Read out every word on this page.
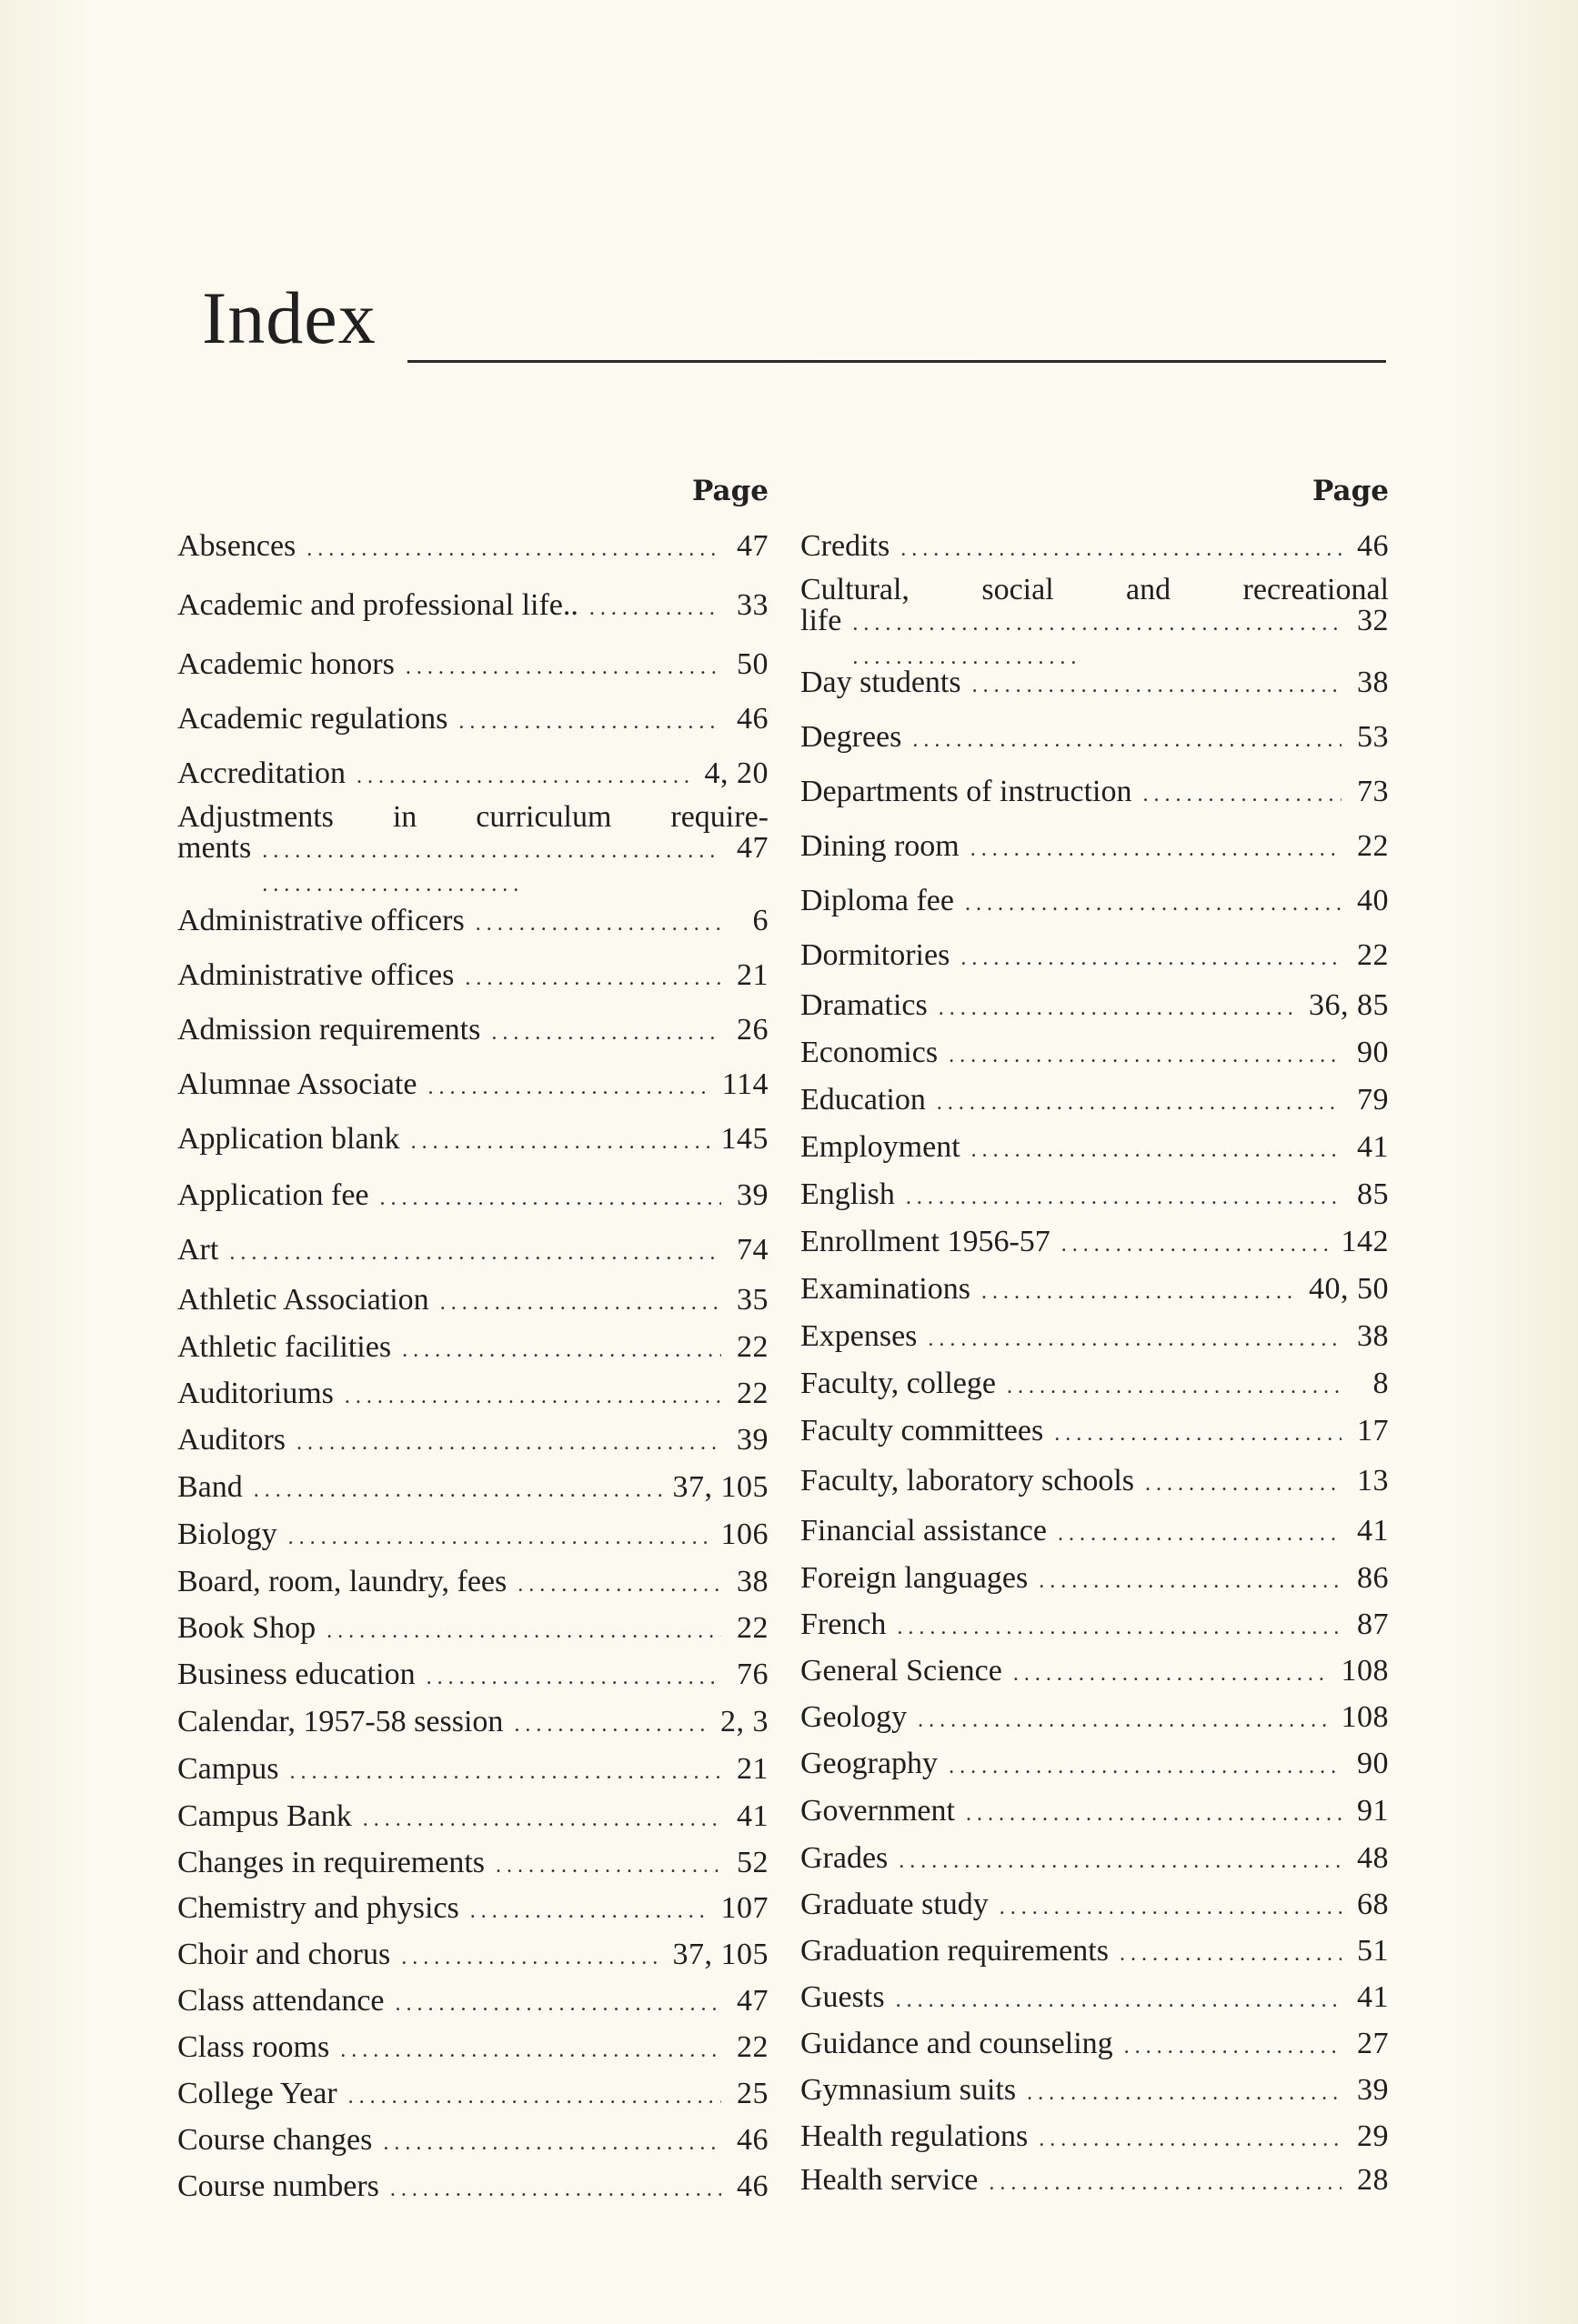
Index
Page
Absences . . .	47
Academic and professional life.. . . .	33
Academic honors . . .	50
Academic regulations . . .	46
Accreditation . . .	4, 20
Adjustments in curriculum require-
ments . . .	47
Administrative officers . . .	6
Administrative offices . . .	21
Admission requirements . . .	26
Alumnae Associate . . .	114
Application blank . . .	145
Application fee . . .	39
Art . . .	74
Athletic Association . . .	35
Athletic facilities . . .	22
Auditoriums . . .	22
Auditors . . .	39
Band . . .	37, 105
Biology . . .	106
Board, room, laundry, fees . . .	38
Book Shop . . .	22
Business education . . .	76
Calendar, 1957-58 session . . .	2, 3
Campus . . .	21
Campus Bank . . .	41
Changes in requirements . . .	52
Chemistry and physics . . .	107
Choir and chorus . . .	37, 105
Class attendance . . .	47
Class rooms . . .	22
College Year . . .	25
Course changes . . .	46
Course numbers . . .	46
Page
Credits . . .	46
Cultural, social and recreational
life . . .	32
Day students . . .	38
Degrees . . .	53
Departments of instruction . . .	73
Dining room . . .	22
Diploma fee . . .	40
Dormitories . . .	22
Dramatics . . .	36, 85
Economics . . .	90
Education . . .	79
Employment . . .	41
English . . .	85
Enrollment 1956-57 . . .	142
Examinations . . .	40, 50
Expenses . . .	38
Faculty, college . . .	8
Faculty committees . . .	17
Faculty, laboratory schools . . .	13
Financial assistance . . .	41
Foreign languages . . .	86
French . . .	87
General Science . . .	108
Geology . . .	108
Geography . . .	90
Government . . .	91
Grades . . .	48
Graduate study . . .	68
Graduation requirements . . .	51
Guests . . .	41
Guidance and counseling . . .	27
Gymnasium suits . . .	39
Health regulations . . .	29
Health service . . .	28
